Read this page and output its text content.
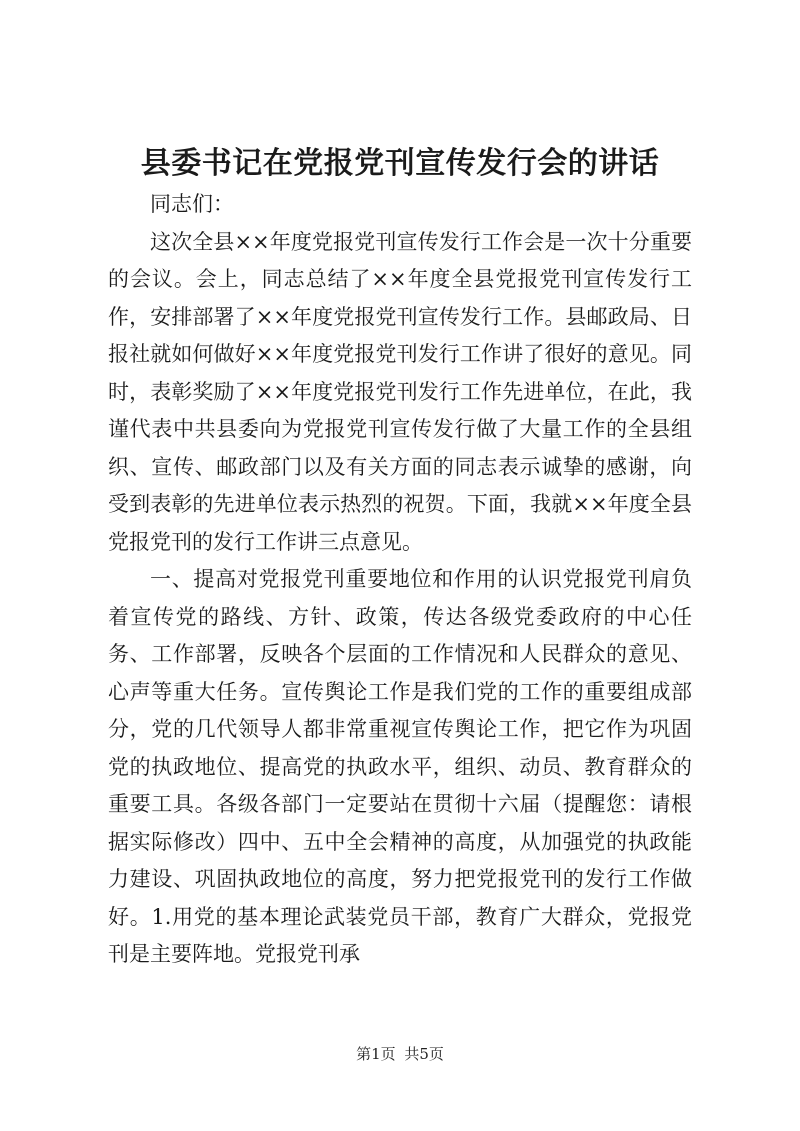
县委书记在党报党刊宣传发行会的讲话

同志们：

这次全县××年度党报党刊宣传发行工作会是一次十分重要的会议。会上，同志总结了××年度全县党报党刊宣传发行工作，安排部署了××年度党报党刊宣传发行工作。县邮政局、日报社就如何做好××年度党报党刊发行工作讲了很好的意见。同时，表彰奖励了××年度党报党刊发行工作先进单位，在此，我谨代表中共县委向为党报党刊宣传发行做了大量工作的全县组织、宣传、邮政部门以及有关方面的同志表示诚挚的感谢，向受到表彰的先进单位表示热烈的祝贺。下面，我就××年度全县党报党刊的发行工作讲三点意见。

一、提高对党报党刊重要地位和作用的认识党报党刊肩负着宣传党的路线、方针、政策，传达各级党委政府的中心任务、工作部署，反映各个层面的工作情况和人民群众的意见、心声等重大任务。宣传舆论工作是我们党的工作的重要组成部分，党的几代领导人都非常重视宣传舆论工作，把它作为巩固党的执政地位、提高党的执政水平，组织、动员、教育群众的重要工具。各级各部门一定要站在贯彻十六届（提醒您：请根据实际修改）四中、五中全会精神的高度，从加强党的执政能力建设、巩固执政地位的高度，努力把党报党刊的发行工作做好。1.用党的基本理论武装党员干部，教育广大群众，党报党刊是主要阵地。党报党刊承

第1页 共5页
